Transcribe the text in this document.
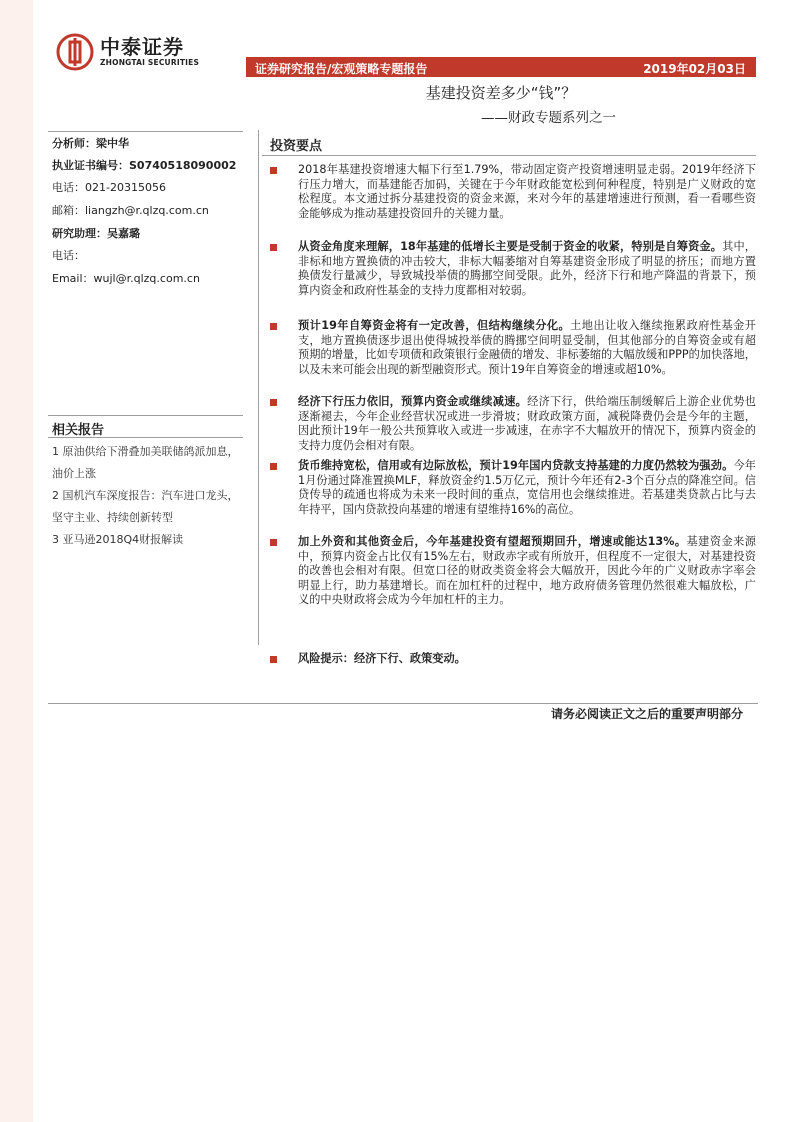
中泰证券
ZHONGTAI SECURITIES	证券研究报告/宏观策略专题报告	2019年02月03日
基建投资差多少“钱”？
——财政专题系列之一
分析师：梁中华
执业证书编号：S0740518090002
电话：021-20315056
邮箱：liangzh@r.qlzq.com.cn
研究助理：吴嘉璐
电话：
Email：wujl@r.qlzq.com.cn
相关报告
1 原油供给下滑叠加美联储鸽派加息，油价上涨
2 国机汽车深度报告：汽车进口龙头，坚守主业、持续创新转型
3 亚马逊2018Q4财报解读
投资要点
2018年基建投资增速大幅下行至1.79%，带动固定资产投资增速明显走弱。2019年经济下行压力增大，而基建能否加码，关键在于今年财政能宽松到何种程度，特别是广义财政的宽松程度。本文通过拆分基建投资的资金来源，来对今年的基建增速进行预测，看一看哪些资金能够成为推动基建投资回升的关键力量。
从资金角度来理解，18年基建的低增长主要是受制于资金的收紧，特别是自筹资金。其中，非标和地方置换债的冲击较大，非标大幅萎缩对自筹基建资金形成了明显的挤压；而地方置换债发行量减少，导致城投举债的腾挪空间受限。此外，经济下行和地产降温的背景下，预算内资金和政府性基金的支持力度都相对较弱。
预计19年自筹资金将有一定改善，但结构继续分化。土地出让收入继续拖累政府性基金开支，地方置换债逐步退出使得城投举债的腾挪空间明显受制，但其他部分的自筹资金或有超预期的增量，比如专项债和政策银行金融债的增发、非标萎缩的大幅放缓和PPP的加快落地，以及未来可能会出现的新型融资形式。预计19年自筹资金的增速或超10%。
经济下行压力依旧，预算内资金或继续减速。经济下行，供给端压制缓解后上游企业优势也逐渐褪去，今年企业经营状况或进一步滑坡；财政政策方面，减税降费仍会是今年的主题，因此预计19年一般公共预算收入或进一步减速，在赤字不大幅放开的情况下，预算内资金的支持力度仍会相对有限。
货币维持宽松，信用或有边际放松，预计19年国内贷款支持基建的力度仍然较为强劲。今年1月份通过降准置换MLF，释放资金约1.5万亿元，预计今年还有2-3个百分点的降准空间。信贷传导的疏通也将成为未来一段时间的重点，宽信用也会继续推进。若基建类贷款占比与去年持平，国内贷款投向基建的增速有望维持16%的高位。
加上外资和其他资金后，今年基建投资有望超预期回升，增速或能达13%。基建资金来源中，预算内资金占比仅有15%左右，财政赤字或有所放开，但程度不一定很大，对基建投资的改善也会相对有限。但宽口径的财政类资金将会大幅放开，因此今年的广义财政赤字率会明显上行，助力基建增长。而在加杠杆的过程中，地方政府债务管理仍然很难大幅放松，广义的中央财政将会成为今年加杠杆的主力。
风险提示：经济下行、政策变动。
请务必阅读正文之后的重要声明部分
